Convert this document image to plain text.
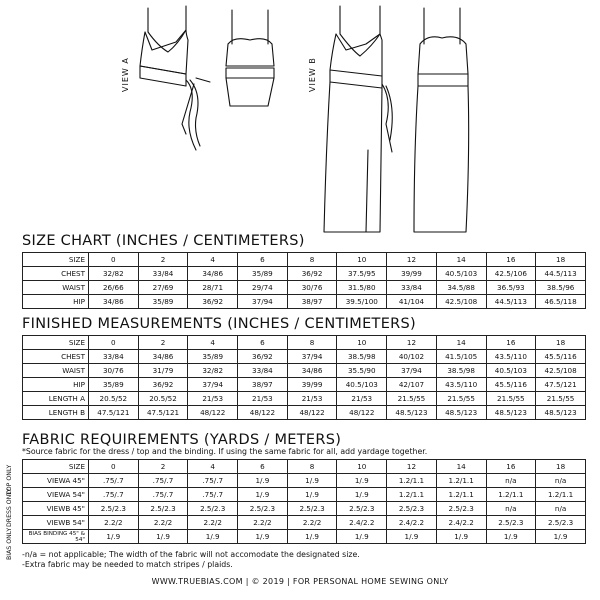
VIEW A	VIEW B
SIZE CHART (INCHES / CENTIMETERS)
SIZE	0	2	4	6	8	10	12	14	16	18
CHEST	32/82	33/84	34/86	35/89	36/92	37.5/95	39/99	40.5/103	42.5/106	44.5/113
WAIST	26/66	27/69	28/71	29/74	30/76	31.5/80	33/84	34.5/88	36.5/93	38.5/96
HIP	34/86	35/89	36/92	37/94	38/97	39.5/100	41/104	42.5/108	44.5/113	46.5/118
FINISHED MEASUREMENTS (INCHES / CENTIMETERS)
SIZE	0	2	4	6	8	10	12	14	16	18
CHEST	33/84	34/86	35/89	36/92	37/94	38.5/98	40/102	41.5/105	43.5/110	45.5/116
WAIST	30/76	31/79	32/82	33/84	34/86	35.5/90	37/94	38.5/98	40.5/103	42.5/108
HIP	35/89	36/92	37/94	38/97	39/99	40.5/103	42/107	43.5/110	45.5/116	47.5/121
LENGTH A	20.5/52	20.5/52	21/53	21/53	21/53	21/53	21.5/55	21.5/55	21.5/55	21.5/55
LENGTH B	47.5/121	47.5/121	48/122	48/122	48/122	48/122	48.5/123	48.5/123	48.5/123	48.5/123
FABRIC REQUIREMENTS (YARDS / METERS)
*Source fabric for the dress / top and the binding. If using the same fabric for all, add yardage together.
TOP ONLY
DRESS ONLY
BIAS ONLY
SIZE	0	2	4	6	8	10	12	14	16	18
VIEWA 45"	.75/.7	.75/.7	.75/.7	1/.9	1/.9	1/.9	1.2/1.1	1.2/1.1	n/a	n/a
VIEWA 54"	.75/.7	.75/.7	.75/.7	1/.9	1/.9	1/.9	1.2/1.1	1.2/1.1	1.2/1.1	1.2/1.1
VIEWB 45"	2.5/2.3	2.5/2.3	2.5/2.3	2.5/2.3	2.5/2.3	2.5/2.3	2.5/2.3	2.5/2.3	n/a	n/a
VIEWB 54"	2.2/2	2.2/2	2.2/2	2.2/2	2.2/2	2.4/2.2	2.4/2.2	2.4/2.2	2.5/2.3	2.5/2.3
BIAS BINDING 45" & 54"	1/.9	1/.9	1/.9	1/.9	1/.9	1/.9	1/.9	1/.9	1/.9	1/.9
-n/a = not applicable; The width of the fabric will not accomodate the designated size.
-Extra fabric may be needed to match stripes / plaids.
WWW.TRUEBIAS.COM | © 2019 | FOR PERSONAL HOME SEWING ONLY
